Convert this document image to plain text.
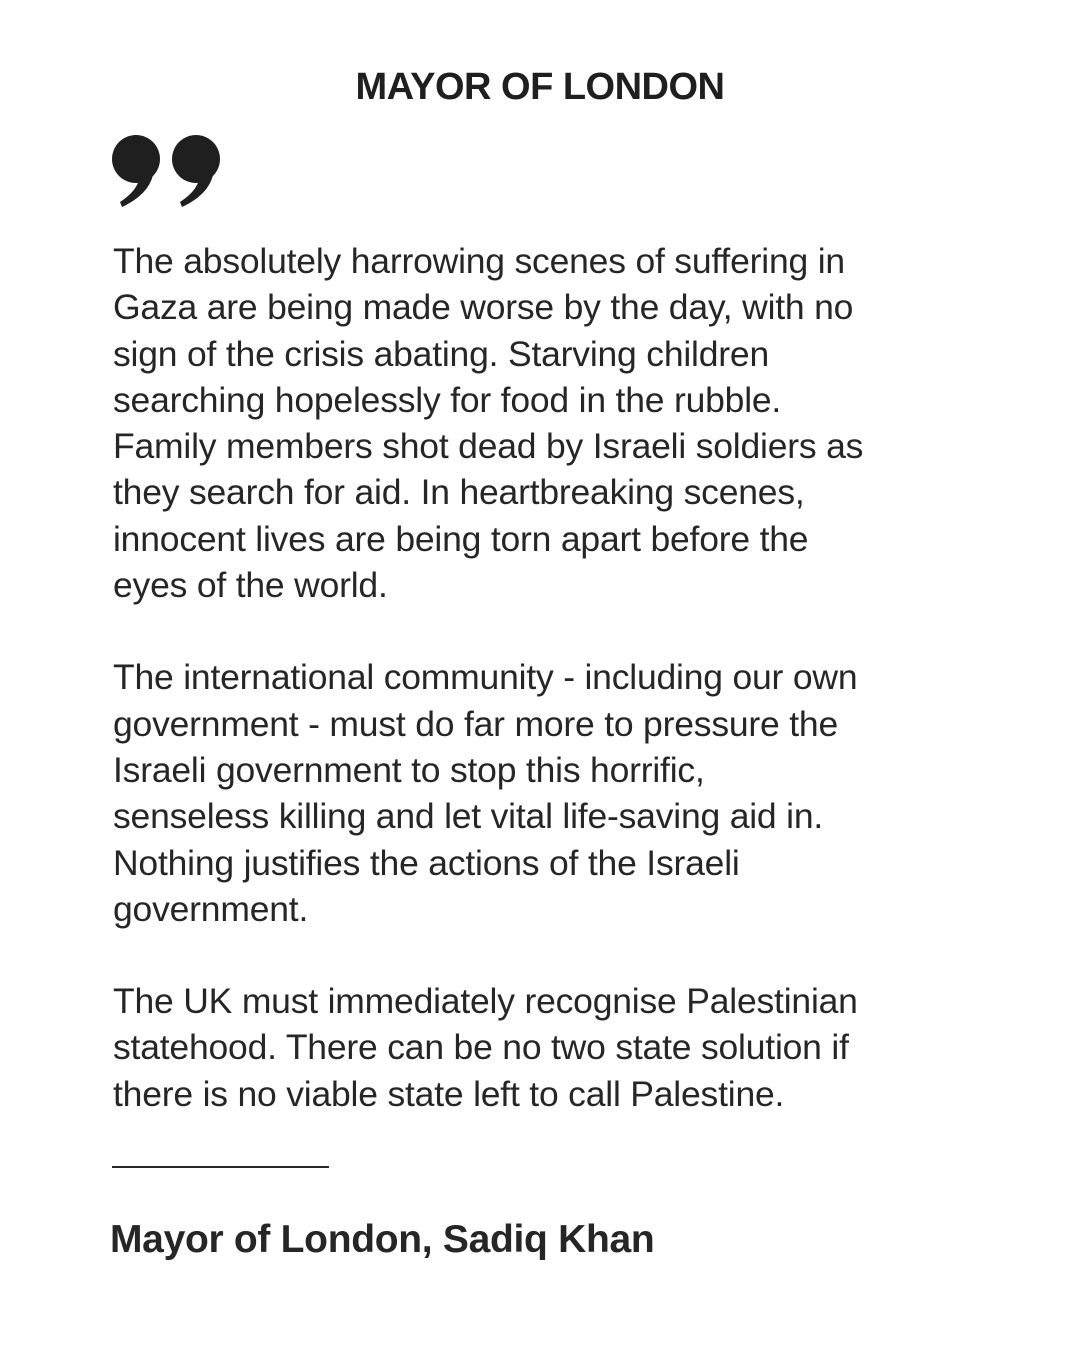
MAYOR OF LONDON
The absolutely harrowing scenes of suffering in
Gaza are being made worse by the day, with no
sign of the crisis abating. Starving children
searching hopelessly for food in the rubble.
Family members shot dead by Israeli soldiers as
they search for aid. In heartbreaking scenes,
innocent lives are being torn apart before the
eyes of the world.
The international community - including our own
government - must do far more to pressure the
Israeli government to stop this horrific,
senseless killing and let vital life-saving aid in.
Nothing justifies the actions of the Israeli
government.
The UK must immediately recognise Palestinian
statehood. There can be no two state solution if
there is no viable state left to call Palestine.
Mayor of London, Sadiq Khan
